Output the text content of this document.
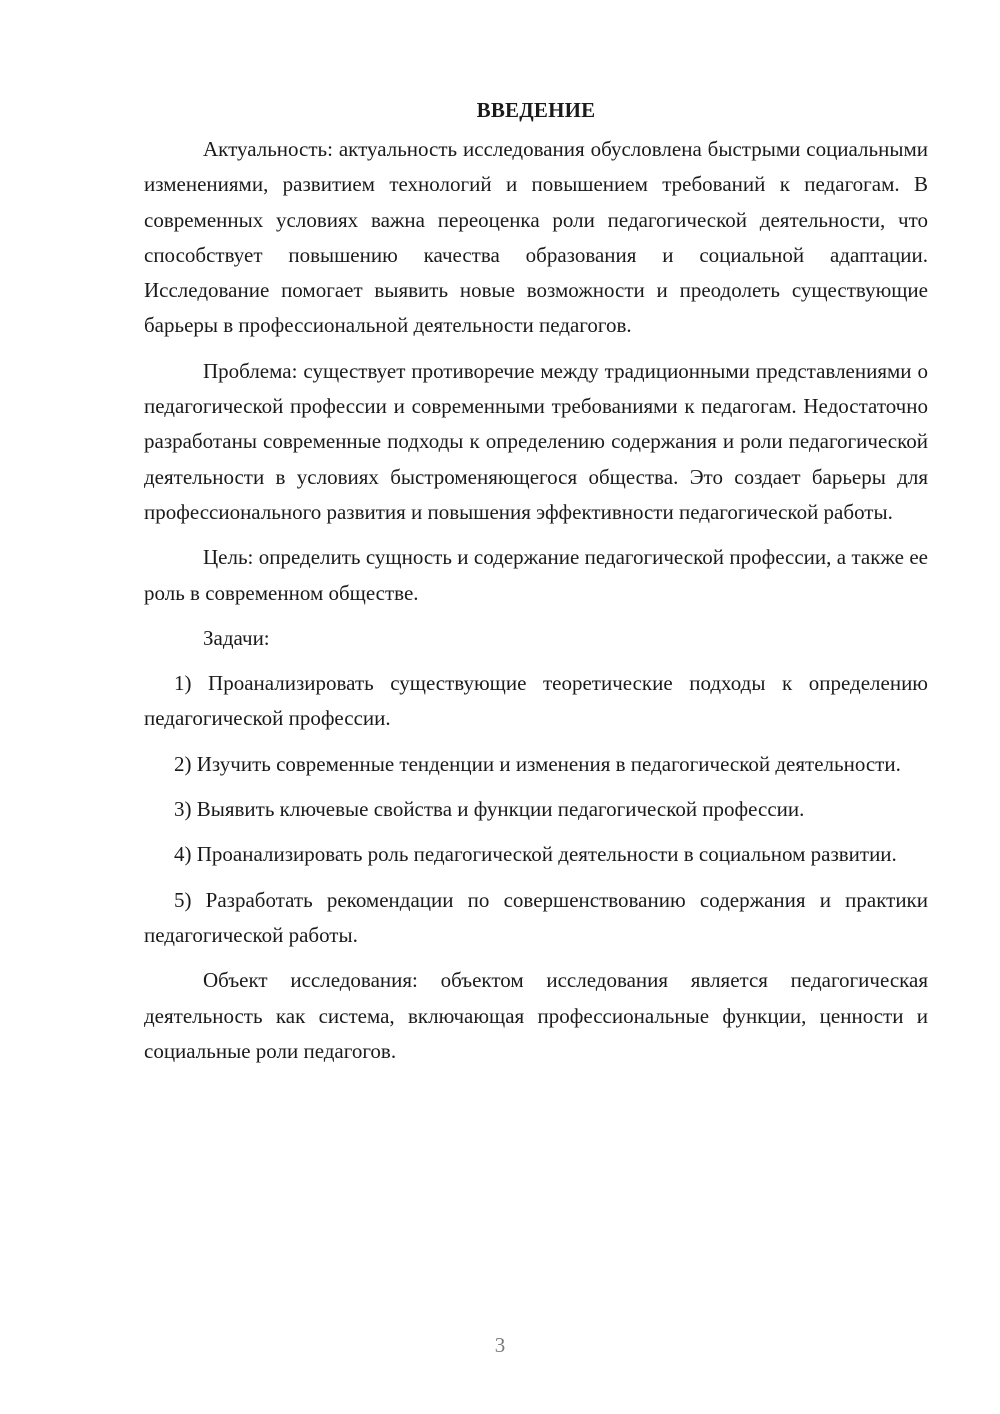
ВВЕДЕНИЕ

Актуальность: актуальность исследования обусловлена быстрыми социальными изменениями, развитием технологий и повышением требований к педагогам. В современных условиях важна переоценка роли педагогической деятельности, что способствует повышению качества образования и социальной адаптации. Исследование помогает выявить новые возможности и преодолеть существующие барьеры в профессиональной деятельности педагогов.

Проблема: существует противоречие между традиционными представлениями о педагогической профессии и современными требованиями к педагогам. Недостаточно разработаны современные подходы к определению содержания и роли педагогической деятельности в условиях быстроменяющегося общества. Это создает барьеры для профессионального развития и повышения эффективности педагогической работы.

Цель: определить сущность и содержание педагогической профессии, а также ее роль в современном обществе.

Задачи:

1) Проанализировать существующие теоретические подходы к определению педагогической профессии.

2) Изучить современные тенденции и изменения в педагогической деятельности.

3) Выявить ключевые свойства и функции педагогической профессии.

4) Проанализировать роль педагогической деятельности в социальном развитии.

5) Разработать рекомендации по совершенствованию содержания и практики педагогической работы.

Объект исследования: объектом исследования является педагогическая деятельность как система, включающая профессиональные функции, ценности и социальные роли педагогов.

3
